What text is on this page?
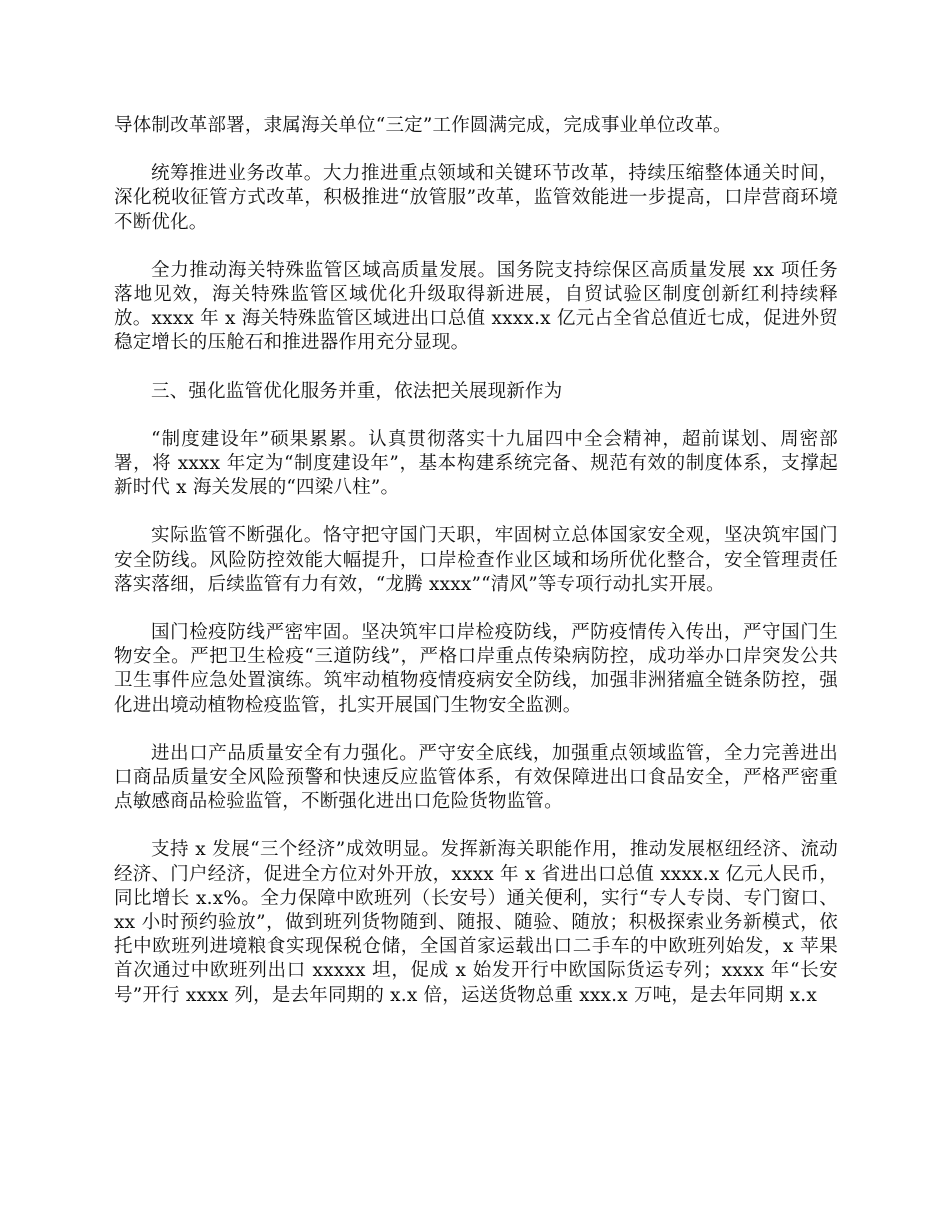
导体制改革部署，隶属海关单位“三定”工作圆满完成，完成事业单位改革。

统筹推进业务改革。大力推进重点领域和关键环节改革，持续压缩整体通关时间，深化税收征管方式改革，积极推进“放管服”改革，监管效能进一步提高，口岸营商环境不断优化。

全力推动海关特殊监管区域高质量发展。国务院支持综保区高质量发展 xx 项任务落地见效，海关特殊监管区域优化升级取得新进展，自贸试验区制度创新红利持续释放。xxxx 年 x 海关特殊监管区域进出口总值 xxxx.x 亿元占全省总值近七成，促进外贸稳定增长的压舱石和推进器作用充分显现。

三、强化监管优化服务并重，依法把关展现新作为

“制度建设年”硕果累累。认真贯彻落实十九届四中全会精神，超前谋划、周密部署，将 xxxx 年定为“制度建设年”，基本构建系统完备、规范有效的制度体系，支撑起新时代 x 海关发展的“四梁八柱”。

实际监管不断强化。恪守把守国门天职，牢固树立总体国家安全观，坚决筑牢国门安全防线。风险防控效能大幅提升，口岸检查作业区域和场所优化整合，安全管理责任落实落细，后续监管有力有效，“龙腾 xxxx”“清风”等专项行动扎实开展。

国门检疫防线严密牢固。坚决筑牢口岸检疫防线，严防疫情传入传出，严守国门生物安全。严把卫生检疫“三道防线”，严格口岸重点传染病防控，成功举办口岸突发公共卫生事件应急处置演练。筑牢动植物疫情疫病安全防线，加强非洲猪瘟全链条防控，强化进出境动植物检疫监管，扎实开展国门生物安全监测。

进出口产品质量安全有力强化。严守安全底线，加强重点领域监管，全力完善进出口商品质量安全风险预警和快速反应监管体系，有效保障进出口食品安全，严格严密重点敏感商品检验监管，不断强化进出口危险货物监管。

支持 x 发展“三个经济”成效明显。发挥新海关职能作用，推动发展枢纽经济、流动经济、门户经济，促进全方位对外开放，xxxx 年 x 省进出口总值 xxxx.x 亿元人民币，同比增长 x.x%。全力保障中欧班列（长安号）通关便利，实行“专人专岗、专门窗口、xx 小时预约验放”，做到班列货物随到、随报、随验、随放；积极探索业务新模式，依托中欧班列进境粮食实现保税仓储，全国首家运载出口二手车的中欧班列始发，x 苹果首次通过中欧班列出口 xxxxx 坦，促成 x 始发开行中欧国际货运专列；xxxx 年“长安号”开行 xxxx 列，是去年同期的 x.x 倍，运送货物总重 xxx.x 万吨，是去年同期 x.x
